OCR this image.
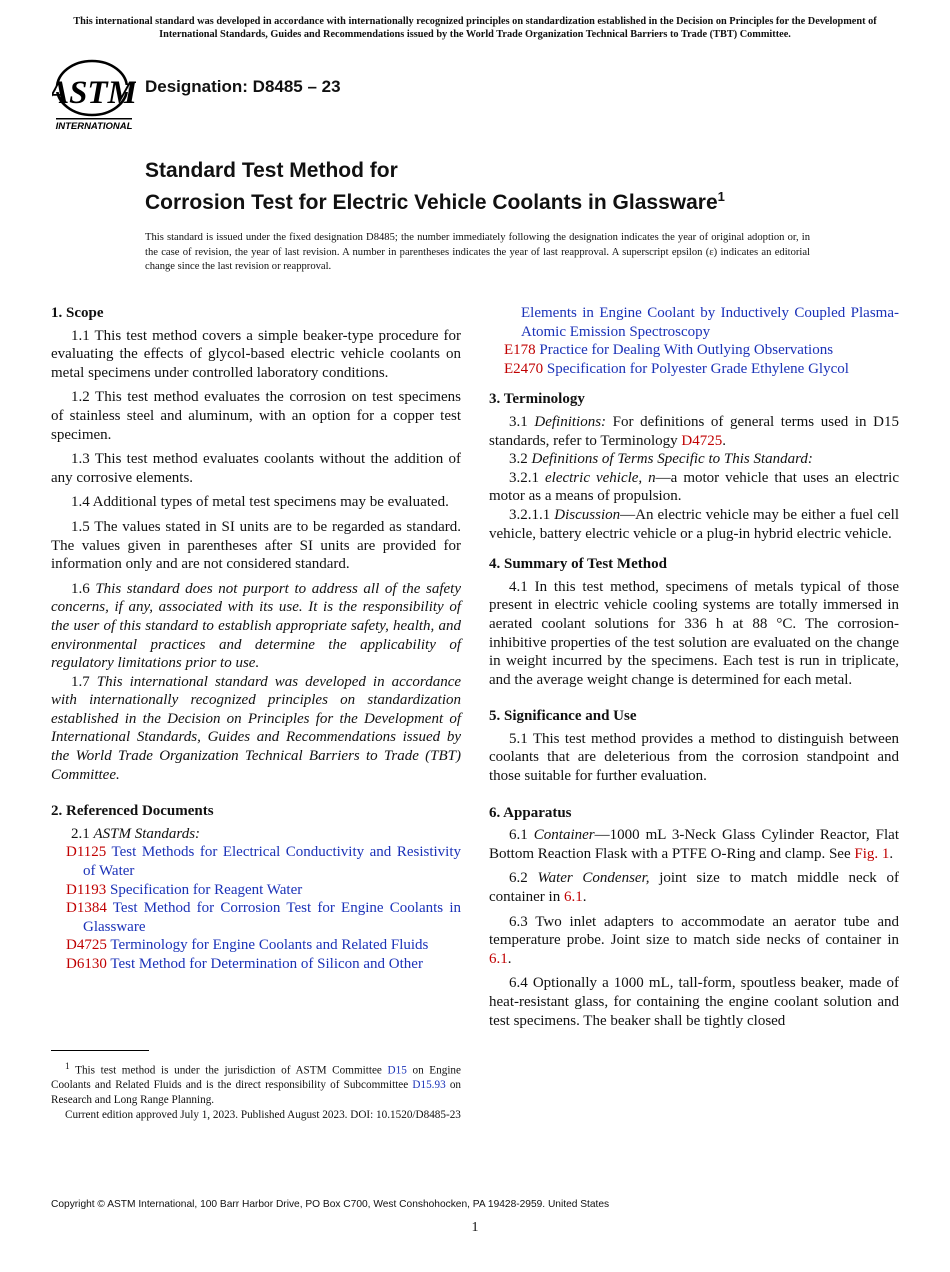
This international standard was developed in accordance with internationally recognized principles on standardization established in the Decision on Principles for the Development of International Standards, Guides and Recommendations issued by the World Trade Organization Technical Barriers to Trade (TBT) Committee.
ASTM
INTERNATIONAL
Designation: D8485 – 23
Standard Test Method for
Corrosion Test for Electric Vehicle Coolants in Glassware$^1$
This standard is issued under the fixed designation D8485; the number immediately following the designation indicates the year of original adoption or, in the case of revision, the year of last revision. A number in parentheses indicates the year of last reapproval. A superscript epsilon (ε) indicates an editorial change since the last revision or reapproval.
1. Scope
1.1 This test method covers a simple beaker-type procedure for evaluating the effects of glycol-based electric vehicle coolants on metal specimens under controlled laboratory conditions.
1.2 This test method evaluates the corrosion on test specimens of stainless steel and aluminum, with an option for a copper test specimen.
1.3 This test method evaluates coolants without the addition of any corrosive elements.
1.4 Additional types of metal test specimens may be evaluated.
1.5 The values stated in SI units are to be regarded as standard. The values given in parentheses after SI units are provided for information only and are not considered standard.
1.6 This standard does not purport to address all of the safety concerns, if any, associated with its use. It is the responsibility of the user of this standard to establish appropriate safety, health, and environmental practices and determine the applicability of regulatory limitations prior to use.
1.7 This international standard was developed in accordance with internationally recognized principles on standardization established in the Decision on Principles for the Development of International Standards, Guides and Recommendations issued by the World Trade Organization Technical Barriers to Trade (TBT) Committee.
2. Referenced Documents
2.1 ASTM Standards:
D1125 Test Methods for Electrical Conductivity and Resistivity of Water
D1193 Specification for Reagent Water
D1384 Test Method for Corrosion Test for Engine Coolants in Glassware
D4725 Terminology for Engine Coolants and Related Fluids
D6130 Test Method for Determination of Silicon and Other

$^1$ This test method is under the jurisdiction of ASTM Committee D15 on Engine Coolants and Related Fluids and is the direct responsibility of Subcommittee D15.93 on Research and Long Range Planning.

Current edition approved July 1, 2023. Published August 2023. DOI: 10.1520/D8485-23

Elements in Engine Coolant by Inductively Coupled Plasma-Atomic Emission Spectroscopy
E178 Practice for Dealing With Outlying Observations
E2470 Specification for Polyester Grade Ethylene Glycol
3. Terminology
3.1 Definitions: For definitions of general terms used in D15 standards, refer to Terminology D4725.
3.2 Definitions of Terms Specific to This Standard:
3.2.1 electric vehicle, n—a motor vehicle that uses an electric motor as a means of propulsion.
3.2.1.1 Discussion—An electric vehicle may be either a fuel cell vehicle, battery electric vehicle or a plug-in hybrid electric vehicle.
4. Summary of Test Method
4.1 In this test method, specimens of metals typical of those present in electric vehicle cooling systems are totally immersed in aerated coolant solutions for 336 h at 88 °C. The corrosion-inhibitive properties of the test solution are evaluated on the change in weight incurred by the specimens. Each test is run in triplicate, and the average weight change is determined for each metal.
5. Significance and Use
5.1 This test method provides a method to distinguish between coolants that are deleterious from the corrosion standpoint and those suitable for further evaluation.
6. Apparatus
6.1 Container—1000 mL 3-Neck Glass Cylinder Reactor, Flat Bottom Reaction Flask with a PTFE O-Ring and clamp. See Fig. 1.
6.2 Water Condenser, joint size to match middle neck of container in 6.1.
6.3 Two inlet adapters to accommodate an aerator tube and temperature probe. Joint size to match side necks of container in 6.1.
6.4 Optionally a 1000 mL, tall-form, spoutless beaker, made of heat-resistant glass, for containing the engine coolant solution and test specimens. The beaker shall be tightly closed
Copyright © ASTM International, 100 Barr Harbor Drive, PO Box C700, West Conshohocken, PA 19428-2959. United States
1
